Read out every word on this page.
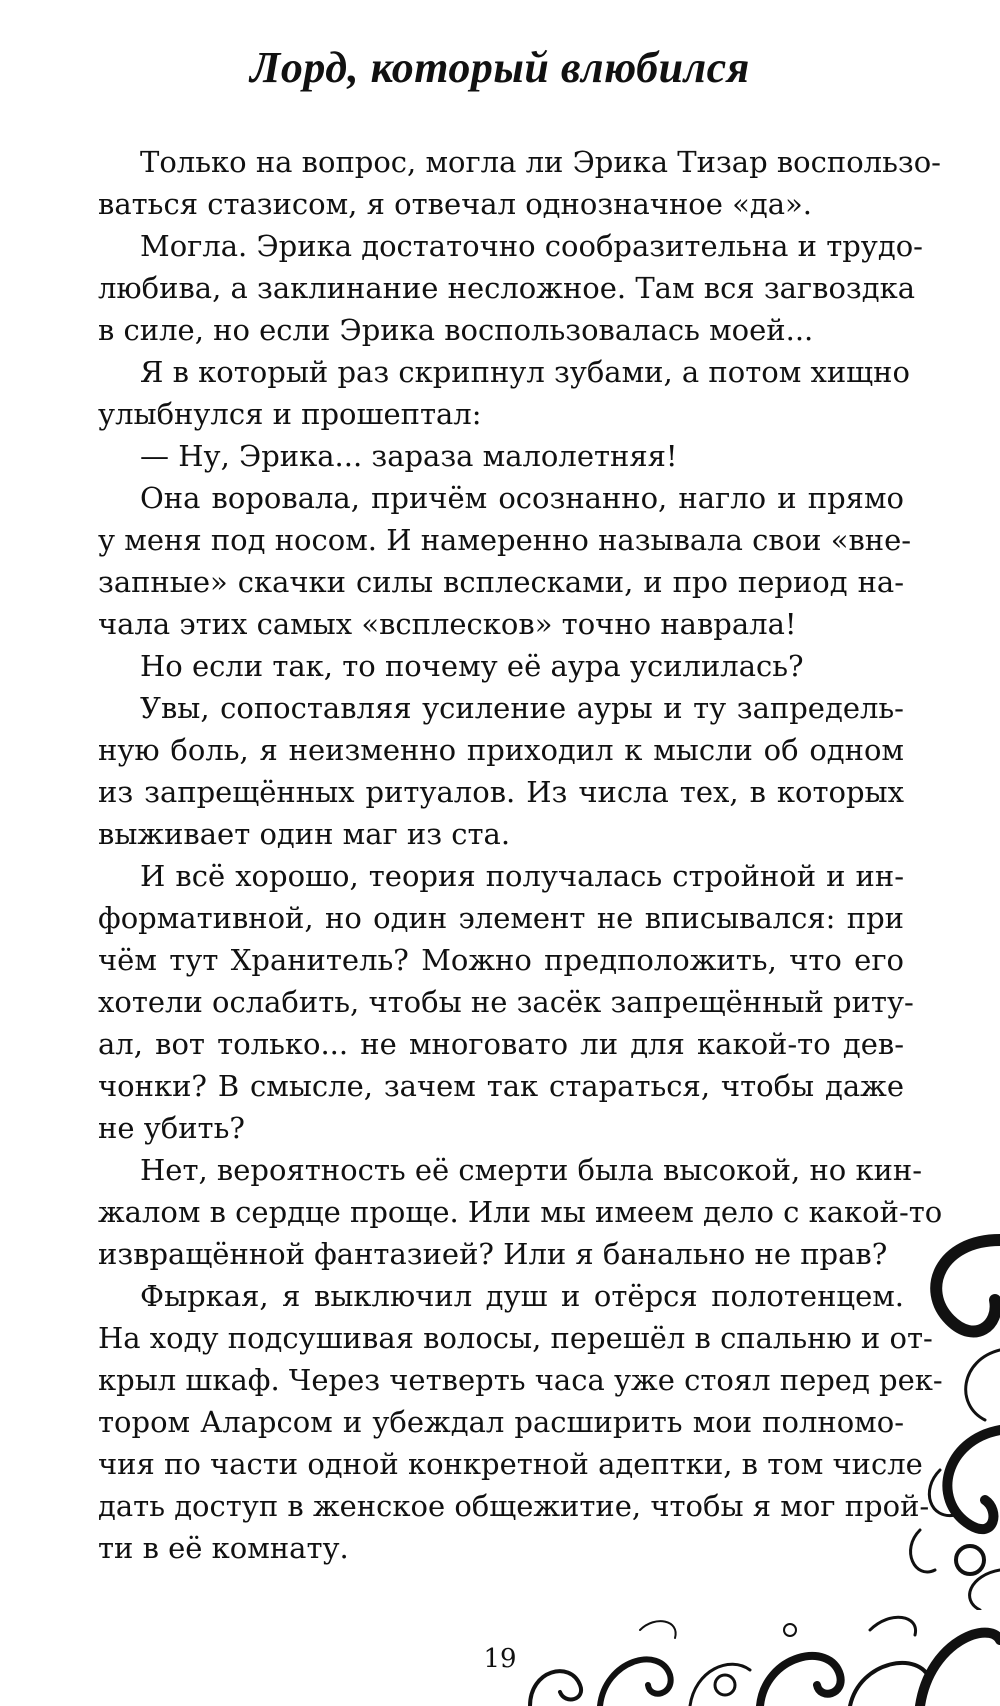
Лорд, который влюбился
Только на вопрос, могла ли Эрика Тизар воспользо-
ваться стазисом, я отвечал однозначное «да».
Могла. Эрика достаточно сообразительна и трудо-
любива, а заклинание несложное. Там вся загвоздка
в силе, но если Эрика воспользовалась моей...
Я в который раз скрипнул зубами, а потом хищно
улыбнулся и прошептал:
— Ну, Эрика... зараза малолетняя!
Она воровала, причём осознанно, нагло и прямо
у меня под носом. И намеренно называла свои «вне-
запные» скачки силы всплесками, и про период на-
чала этих самых «всплесков» точно наврала!
Но если так, то почему её аура усилилась?
Увы, сопоставляя усиление ауры и ту запредель-
ную боль, я неизменно приходил к мысли об одном
из запрещённых ритуалов. Из числа тех, в которых
выживает один маг из ста.
И всё хорошо, теория получалась стройной и ин-
формативной, но один элемент не вписывался: при
чём тут Хранитель? Можно предположить, что его
хотели ослабить, чтобы не засёк запрещённый риту-
ал, вот только... не многовато ли для какой-то дев-
чонки? В смысле, зачем так стараться, чтобы даже
не убить?
Нет, вероятность её смерти была высокой, но кин-
жалом в сердце проще. Или мы имеем дело с какой-то
извращённой фантазией? Или я банально не прав?
Фыркая, я выключил душ и отёрся полотенцем.
На ходу подсушивая волосы, перешёл в спальню и от-
крыл шкаф. Через четверть часа уже стоял перед рек-
тором Аларсом и убеждал расширить мои полномо-
чия по части одной конкретной адептки, в том числе
дать доступ в женское общежитие, чтобы я мог прой-
ти в её комнату.
19
